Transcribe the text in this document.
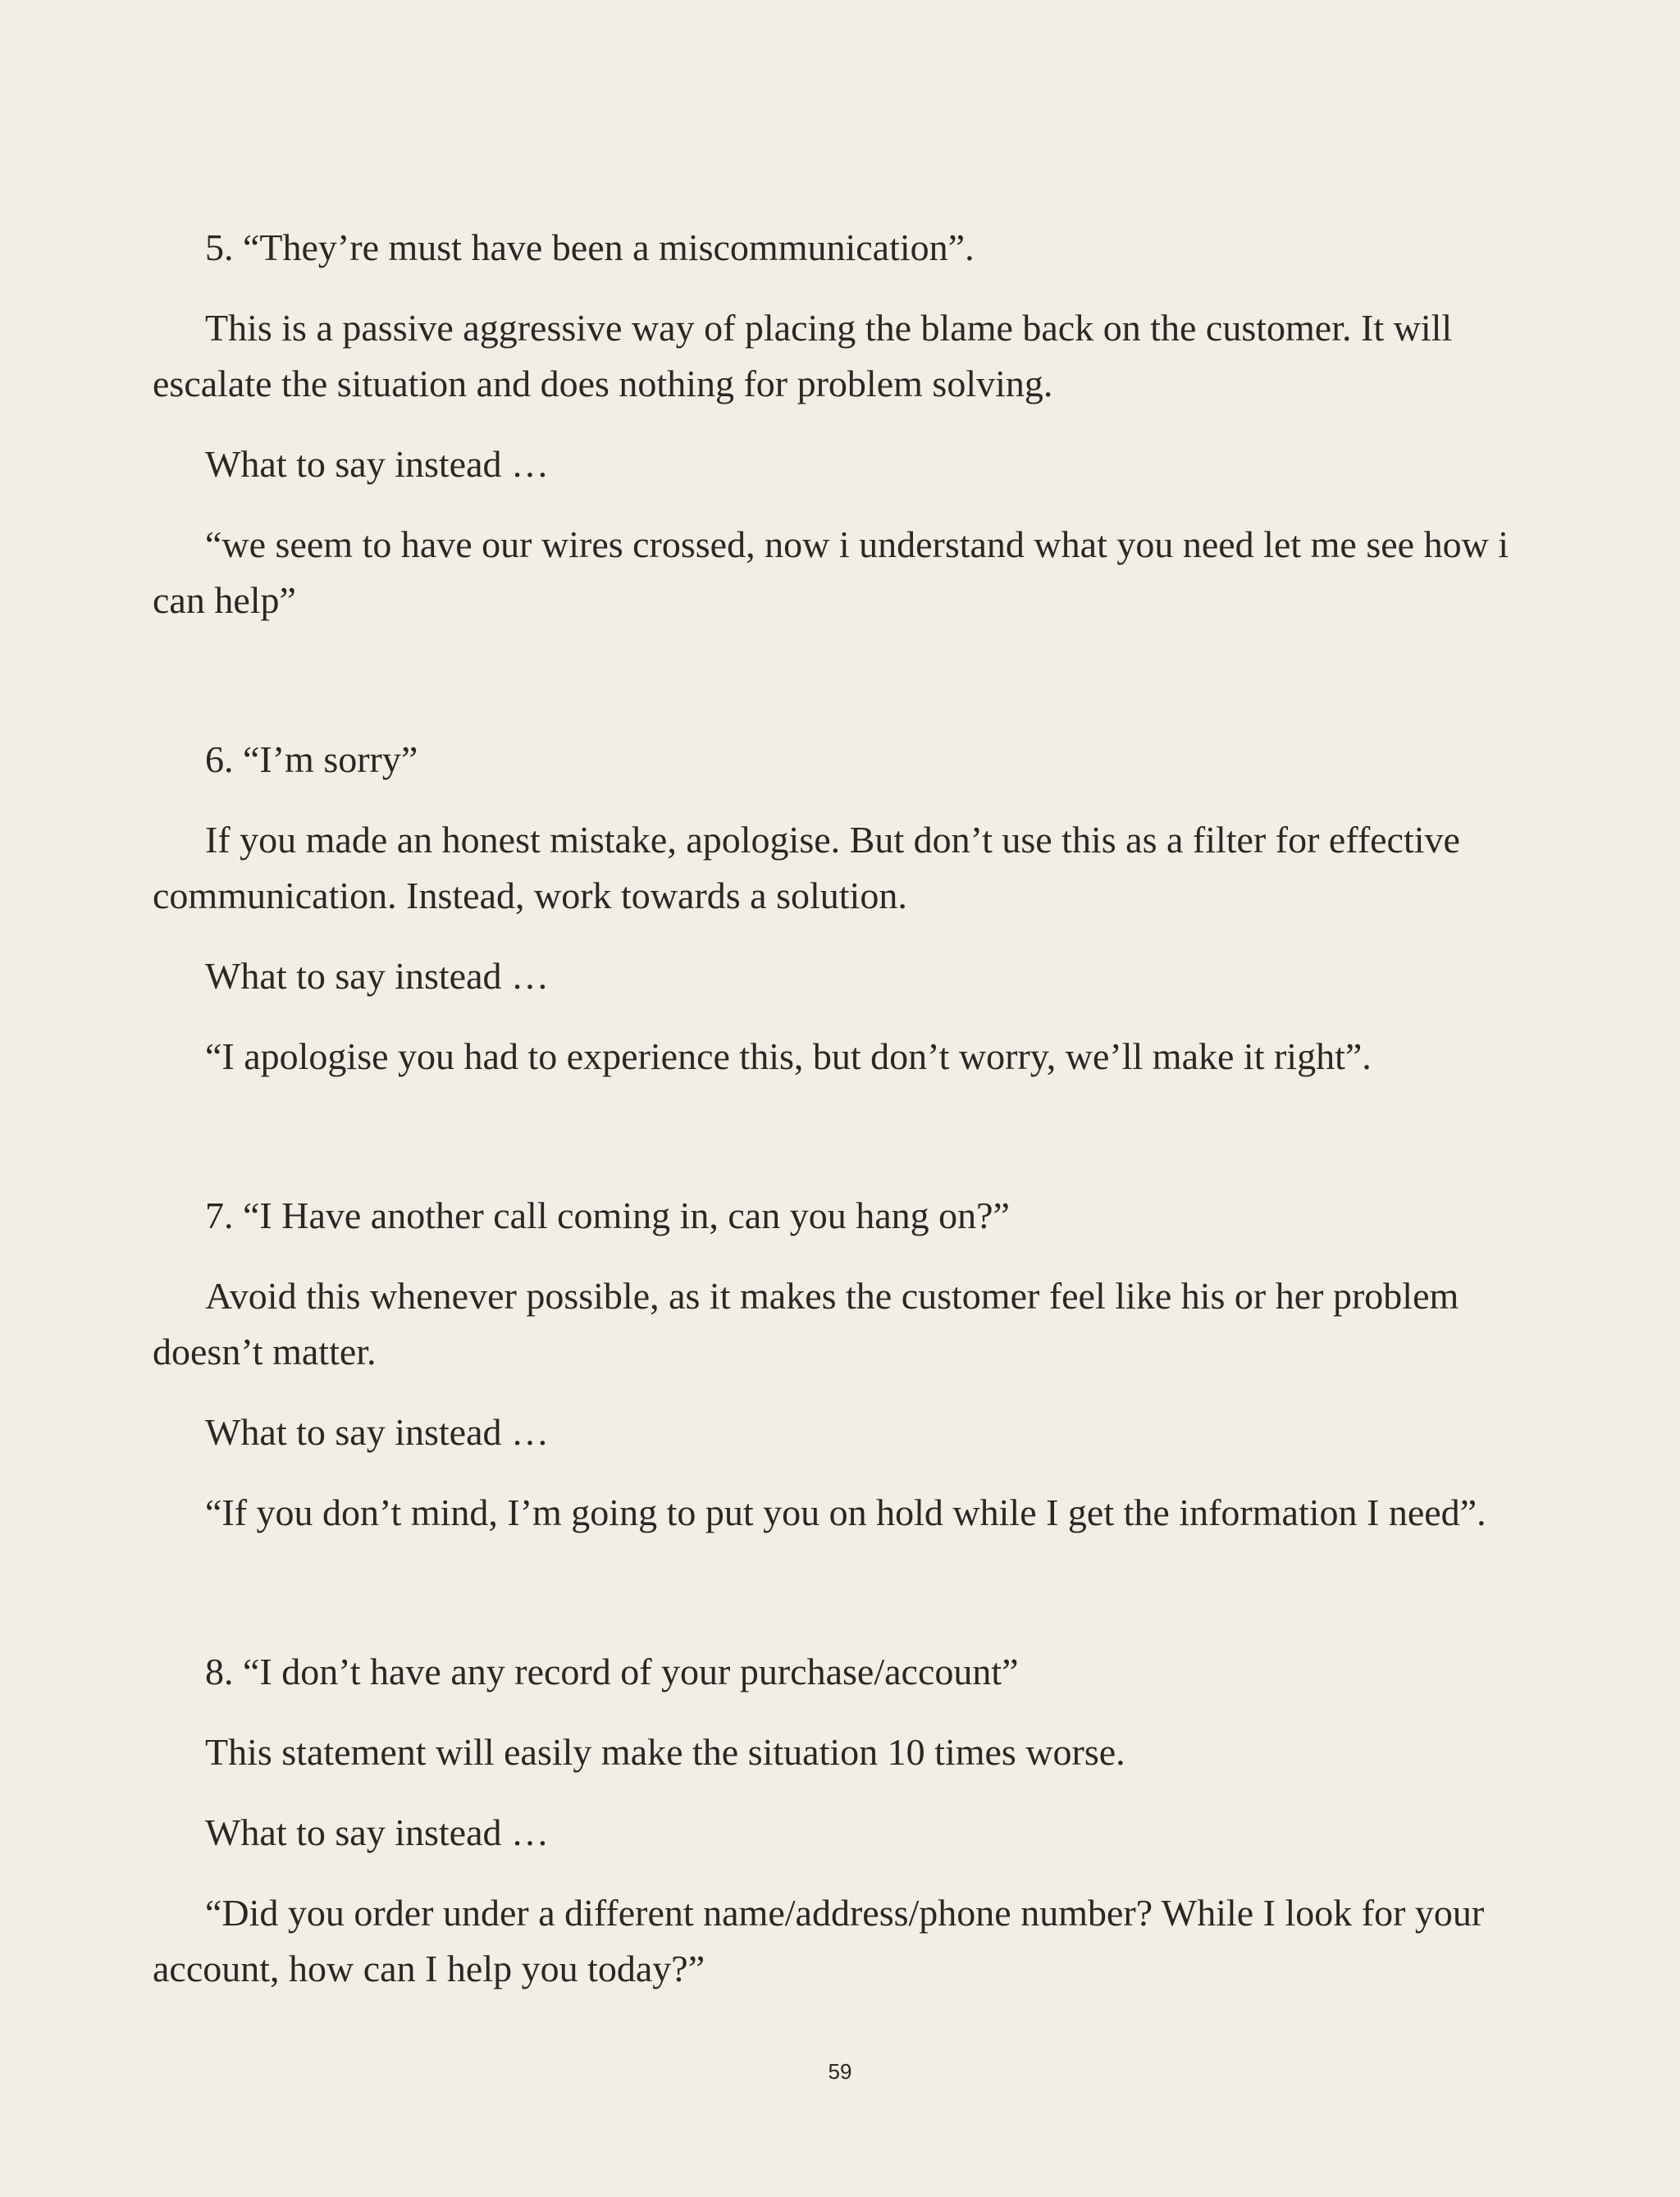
5. “They’re must have been a miscommunication”.

This is a passive aggressive way of placing the blame back on the customer. It will escalate the situation and does nothing for problem solving.

What to say instead …

“we seem to have our wires crossed, now i understand what you need let me see how i can help”

6. “I’m sorry”

If you made an honest mistake, apologise. But don’t use this as a filter for effective communication. Instead, work towards a solution.

What to say instead …

“I apologise you had to experience this, but don’t worry, we’ll make it right”.

7. “I Have another call coming in, can you hang on?”

Avoid this whenever possible, as it makes the customer feel like his or her problem doesn’t matter.

What to say instead …

“If you don’t mind, I’m going to put you on hold while I get the information I need”.

8. “I don’t have any record of your purchase/account”

This statement will easily make the situation 10 times worse.

What to say instead …

“Did you order under a different name/address/phone number? While I look for your account, how can I help you today?”

59
